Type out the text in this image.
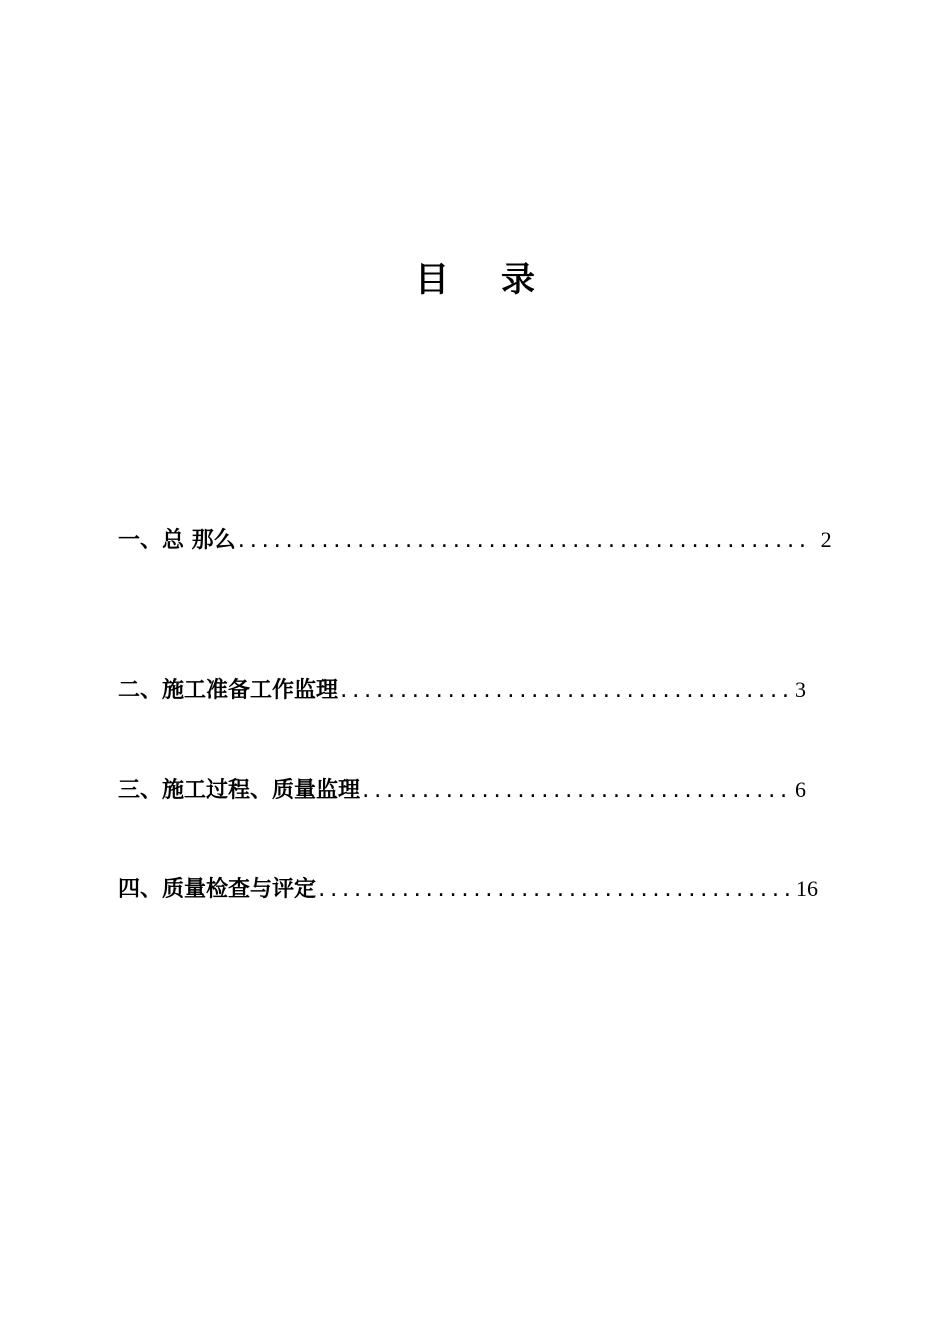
目 录
一、总 那么 ................................................ 2
二、施工准备工作监理 ...................................... 3
三、施工过程、质量监理 .................................... 6
四、质量检查与评定 ........................................ 16
